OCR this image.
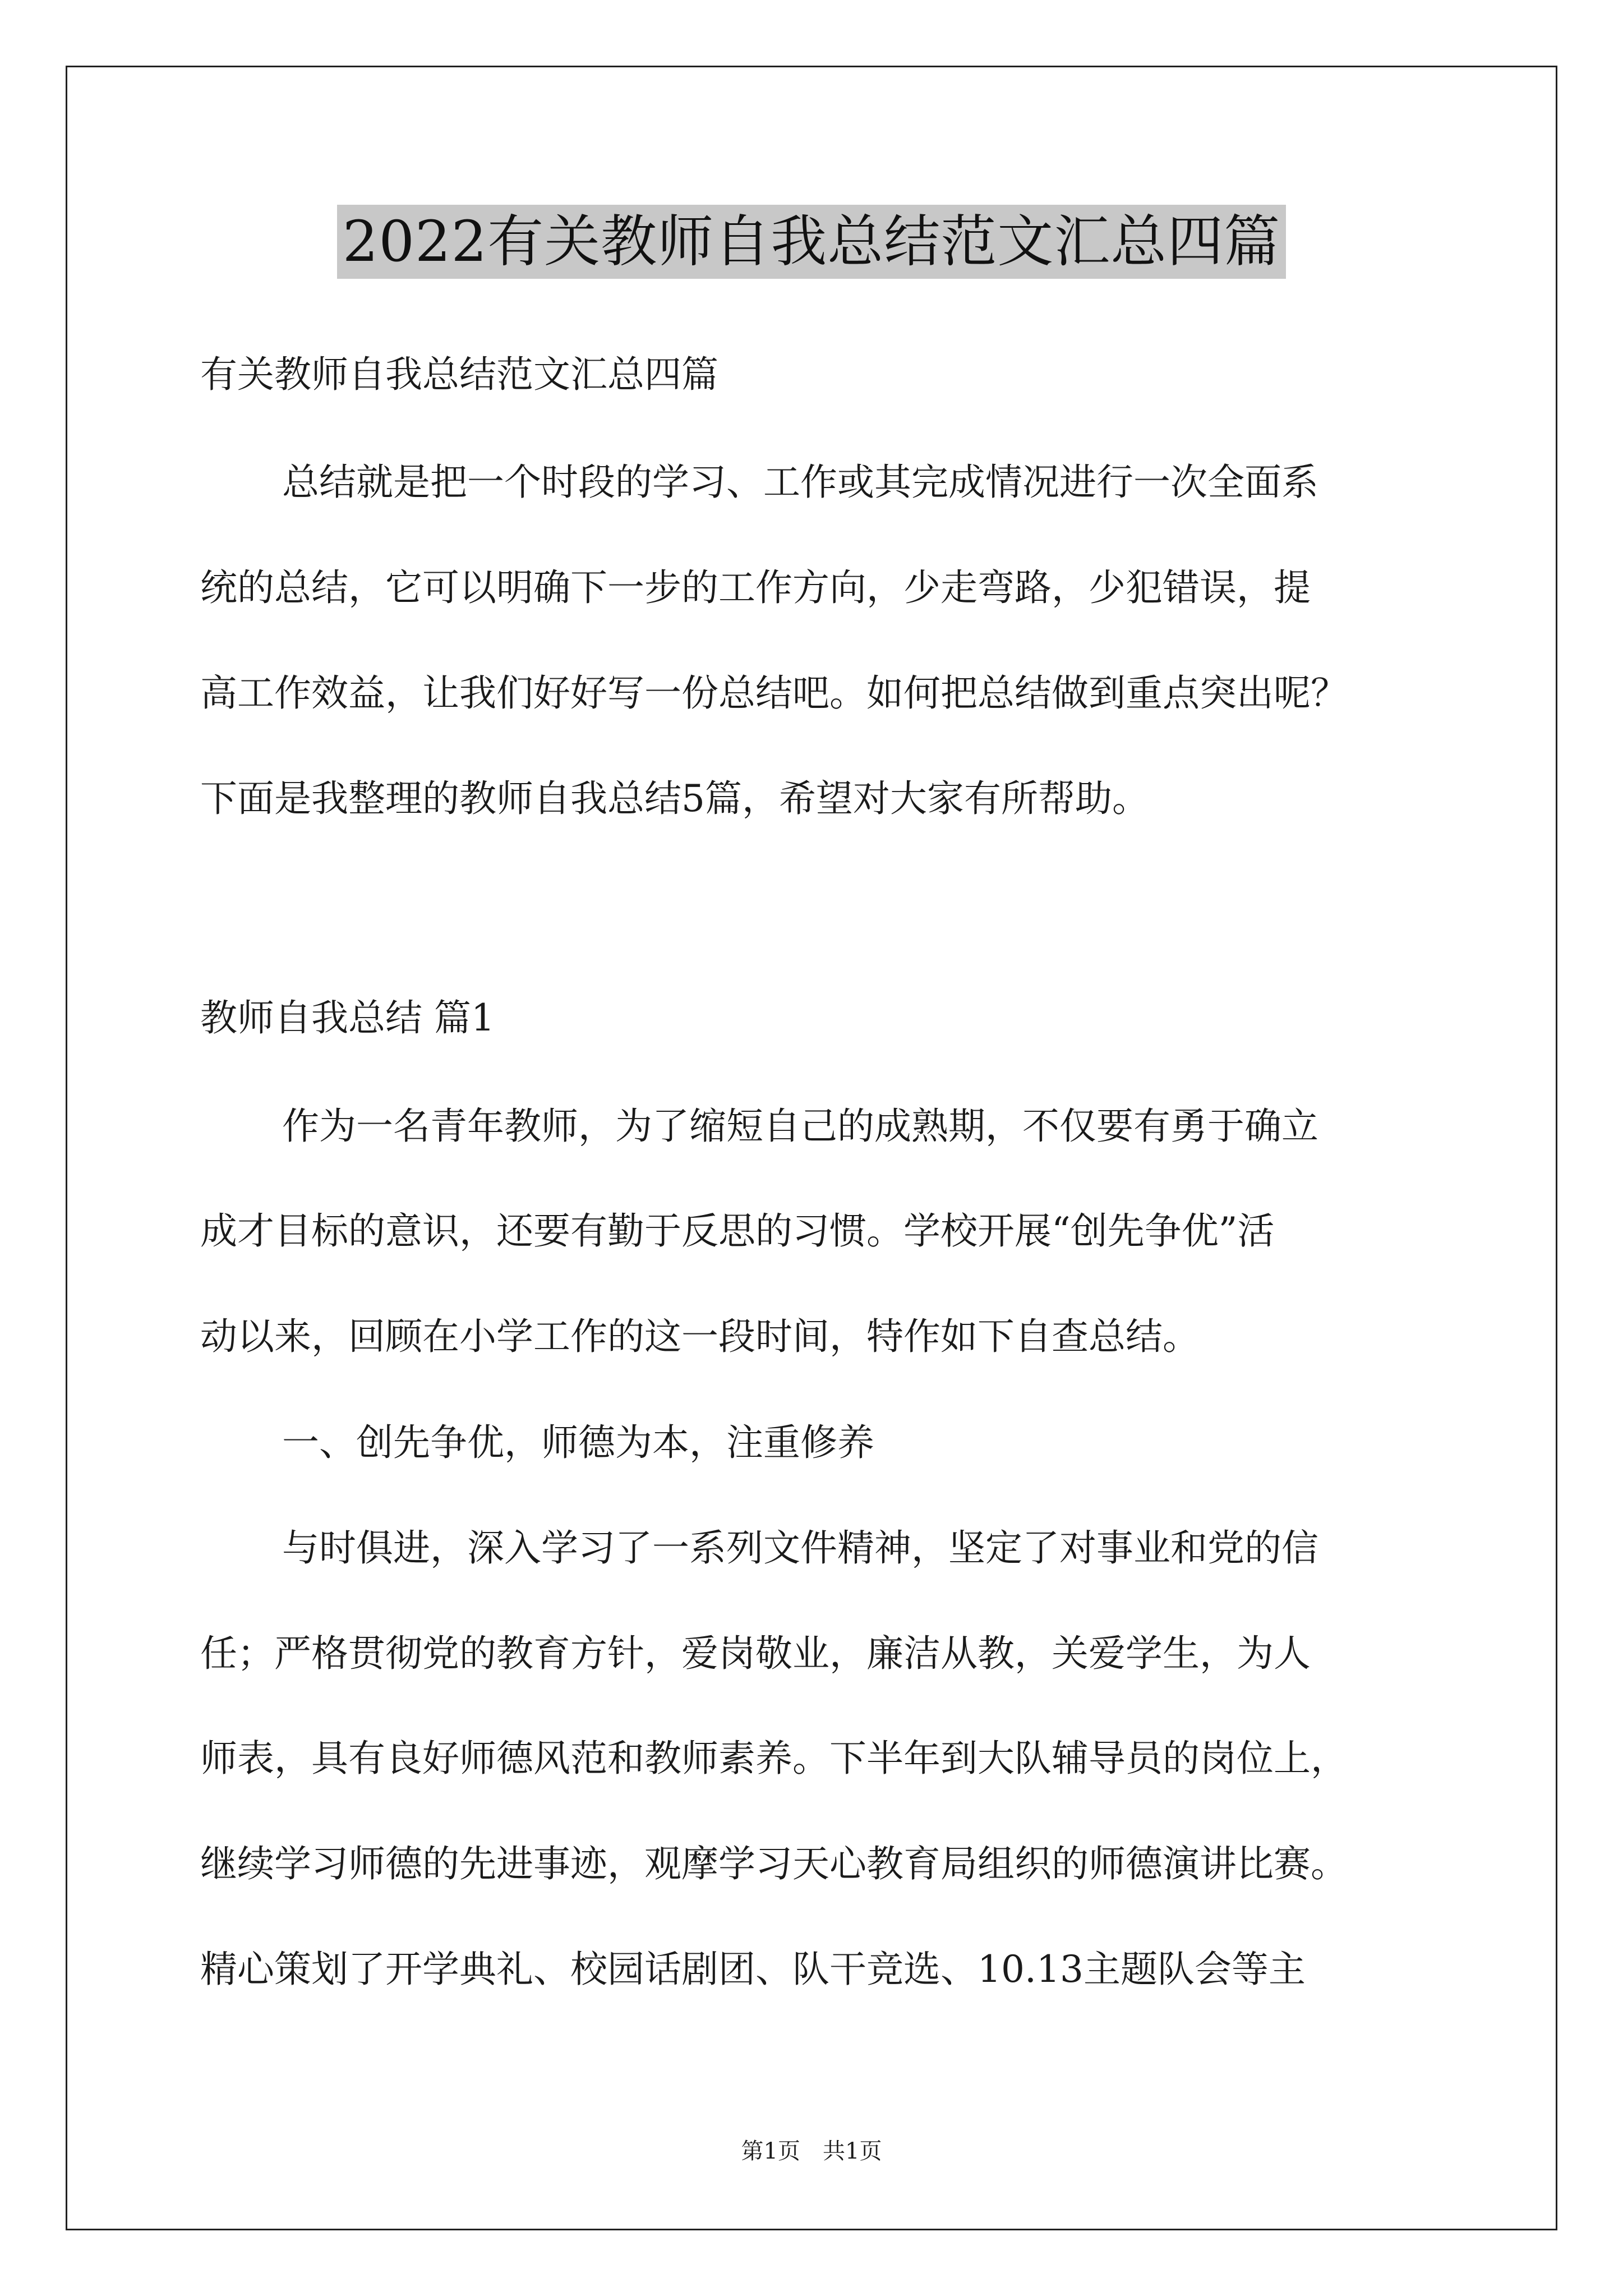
2022有关教师自我总结范文汇总四篇
有关教师自我总结范文汇总四篇
总结就是把一个时段的学习、工作或其完成情况进行一次全面系
统的总结，它可以明确下一步的工作方向，少走弯路，少犯错误，提
高工作效益，让我们好好写一份总结吧。如何把总结做到重点突出呢？
下面是我整理的教师自我总结5篇，希望对大家有所帮助。
教师自我总结 篇1
作为一名青年教师，为了缩短自己的成熟期，不仅要有勇于确立
成才目标的意识，还要有勤于反思的习惯。学校开展“创先争优”活
动以来，回顾在小学工作的这一段时间，特作如下自查总结。
一、创先争优，师德为本，注重修养
与时俱进，深入学习了一系列文件精神，坚定了对事业和党的信
任；严格贯彻党的教育方针，爱岗敬业，廉洁从教，关爱学生，为人
师表，具有良好师德风范和教师素养。下半年到大队辅导员的岗位上，
继续学习师德的先进事迹，观摩学习天心教育局组织的师德演讲比赛。
精心策划了开学典礼、校园话剧团、队干竞选、10.13主题队会等主
第1页　共1页
